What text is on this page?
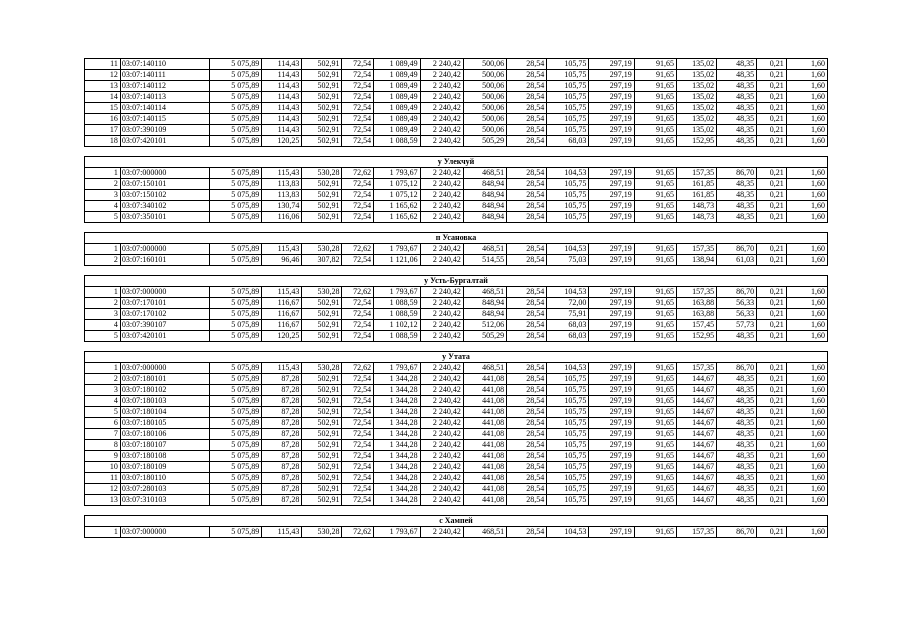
11	03:07:140110	5 075,89	114,43	502,91	72,54	1 089,49	2 240,42	500,06	28,54	105,75	297,19	91,65	135,02	48,35	0,21	1,60
12	03:07:140111	5 075,89	114,43	502,91	72,54	1 089,49	2 240,42	500,06	28,54	105,75	297,19	91,65	135,02	48,35	0,21	1,60
13	03:07:140112	5 075,89	114,43	502,91	72,54	1 089,49	2 240,42	500,06	28,54	105,75	297,19	91,65	135,02	48,35	0,21	1,60
14	03:07:140113	5 075,89	114,43	502,91	72,54	1 089,49	2 240,42	500,06	28,54	105,75	297,19	91,65	135,02	48,35	0,21	1,60
15	03:07:140114	5 075,89	114,43	502,91	72,54	1 089,49	2 240,42	500,06	28,54	105,75	297,19	91,65	135,02	48,35	0,21	1,60
16	03:07:140115	5 075,89	114,43	502,91	72,54	1 089,49	2 240,42	500,06	28,54	105,75	297,19	91,65	135,02	48,35	0,21	1,60
17	03:07:390109	5 075,89	114,43	502,91	72,54	1 089,49	2 240,42	500,06	28,54	105,75	297,19	91,65	135,02	48,35	0,21	1,60
18	03:07:420101	5 075,89	120,25	502,91	72,54	1 088,59	2 240,42	505,29	28,54	68,03	297,19	91,65	152,95	48,35	0,21	1,60

у Улекчуй																
1	03:07:000000	5 075,89	115,43	530,28	72,62	1 793,67	2 240,42	468,51	28,54	104,53	297,19	91,65	157,35	86,70	0,21	1,60
2	03:07:150101	5 075,89	113,83	502,91	72,54	1 075,12	2 240,42	848,94	28,54	105,75	297,19	91,65	161,85	48,35	0,21	1,60
3	03:07:150102	5 075,89	113,83	502,91	72,54	1 075,12	2 240,42	848,94	28,54	105,75	297,19	91,65	161,85	48,35	0,21	1,60
4	03:07:340102	5 075,89	130,74	502,91	72,54	1 165,62	2 240,42	848,94	28,54	105,75	297,19	91,65	148,73	48,35	0,21	1,60
5	03:07:350101	5 075,89	116,06	502,91	72,54	1 165,62	2 240,42	848,94	28,54	105,75	297,19	91,65	148,73	48,35	0,21	1,60

п Усановка																
1	03:07:000000	5 075,89	115,43	530,28	72,62	1 793,67	2 240,42	468,51	28,54	104,53	297,19	91,65	157,35	86,70	0,21	1,60
2	03:07:160101	5 075,89	96,46	307,82	72,54	1 121,06	2 240,42	514,55	28,54	75,03	297,19	91,65	138,94	61,03	0,21	1,60

у Усть-Бургалтай																
1	03:07:000000	5 075,89	115,43	530,28	72,62	1 793,67	2 240,42	468,51	28,54	104,53	297,19	91,65	157,35	86,70	0,21	1,60
2	03:07:170101	5 075,89	116,67	502,91	72,54	1 088,59	2 240,42	848,94	28,54	72,00	297,19	91,65	163,88	56,33	0,21	1,60
3	03:07:170102	5 075,89	116,67	502,91	72,54	1 088,59	2 240,42	848,94	28,54	75,91	297,19	91,65	163,88	56,33	0,21	1,60
4	03:07:390107	5 075,89	116,67	502,91	72,54	1 102,12	2 240,42	512,06	28,54	68,03	297,19	91,65	157,45	57,73	0,21	1,60
5	03:07:420101	5 075,89	120,25	502,91	72,54	1 088,59	2 240,42	505,29	28,54	68,03	297,19	91,65	152,95	48,35	0,21	1,60

у Утата																
1	03:07:000000	5 075,89	115,43	530,28	72,62	1 793,67	2 240,42	468,51	28,54	104,53	297,19	91,65	157,35	86,70	0,21	1,60
2	03:07:180101	5 075,89	87,28	502,91	72,54	1 344,28	2 240,42	441,08	28,54	105,75	297,19	91,65	144,67	48,35	0,21	1,60
3	03:07:180102	5 075,89	87,28	502,91	72,54	1 344,28	2 240,42	441,08	28,54	105,75	297,19	91,65	144,67	48,35	0,21	1,60
4	03:07:180103	5 075,89	87,28	502,91	72,54	1 344,28	2 240,42	441,08	28,54	105,75	297,19	91,65	144,67	48,35	0,21	1,60
5	03:07:180104	5 075,89	87,28	502,91	72,54	1 344,28	2 240,42	441,08	28,54	105,75	297,19	91,65	144,67	48,35	0,21	1,60
6	03:07:180105	5 075,89	87,28	502,91	72,54	1 344,28	2 240,42	441,08	28,54	105,75	297,19	91,65	144,67	48,35	0,21	1,60
7	03:07:180106	5 075,89	87,28	502,91	72,54	1 344,28	2 240,42	441,08	28,54	105,75	297,19	91,65	144,67	48,35	0,21	1,60
8	03:07:180107	5 075,89	87,28	502,91	72,54	1 344,28	2 240,42	441,08	28,54	105,75	297,19	91,65	144,67	48,35	0,21	1,60
9	03:07:180108	5 075,89	87,28	502,91	72,54	1 344,28	2 240,42	441,08	28,54	105,75	297,19	91,65	144,67	48,35	0,21	1,60
10	03:07:180109	5 075,89	87,28	502,91	72,54	1 344,28	2 240,42	441,08	28,54	105,75	297,19	91,65	144,67	48,35	0,21	1,60
11	03:07:180110	5 075,89	87,28	502,91	72,54	1 344,28	2 240,42	441,08	28,54	105,75	297,19	91,65	144,67	48,35	0,21	1,60
12	03:07:280103	5 075,89	87,28	502,91	72,54	1 344,28	2 240,42	441,08	28,54	105,75	297,19	91,65	144,67	48,35	0,21	1,60
13	03:07:310103	5 075,89	87,28	502,91	72,54	1 344,28	2 240,42	441,08	28,54	105,75	297,19	91,65	144,67	48,35	0,21	1,60

с Хампей																
1	03:07:000000	5 075,89	115,43	530,28	72,62	1 793,67	2 240,42	468,51	28,54	104,53	297,19	91,65	157,35	86,70	0,21	1,60
